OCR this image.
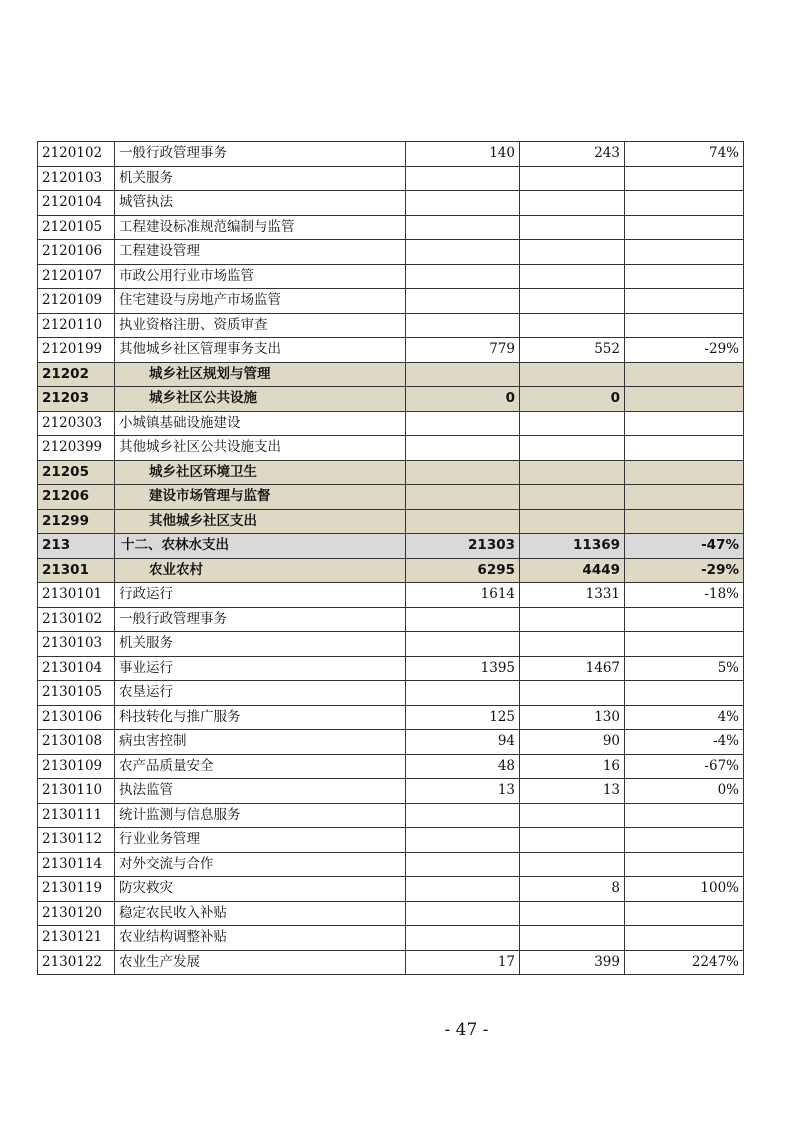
2120102	一般行政管理事务	140	243	74%
2120103	机关服务			
2120104	城管执法			
2120105	工程建设标准规范编制与监管			
2120106	工程建设管理			
2120107	市政公用行业市场监管			
2120109	住宅建设与房地产市场监管			
2120110	执业资格注册、资质审查			
2120199	其他城乡社区管理事务支出	779	552	-29%
21202	城乡社区规划与管理			
21203	城乡社区公共设施	0	0	
2120303	小城镇基础设施建设			
2120399	其他城乡社区公共设施支出			
21205	城乡社区环境卫生			
21206	建设市场管理与监督			
21299	其他城乡社区支出			
213	十二、农林水支出	21303	11369	-47%
21301	农业农村	6295	4449	-29%
2130101	行政运行	1614	1331	-18%
2130102	一般行政管理事务			
2130103	机关服务			
2130104	事业运行	1395	1467	5%
2130105	农垦运行			
2130106	科技转化与推广服务	125	130	4%
2130108	病虫害控制	94	90	-4%
2130109	农产品质量安全	48	16	-67%
2130110	执法监管	13	13	0%
2130111	统计监测与信息服务			
2130112	行业业务管理			
2130114	对外交流与合作			
2130119	防灾救灾		8	100%
2130120	稳定农民收入补贴			
2130121	农业结构调整补贴			
2130122	农业生产发展	17	399	2247%
- 47 -
